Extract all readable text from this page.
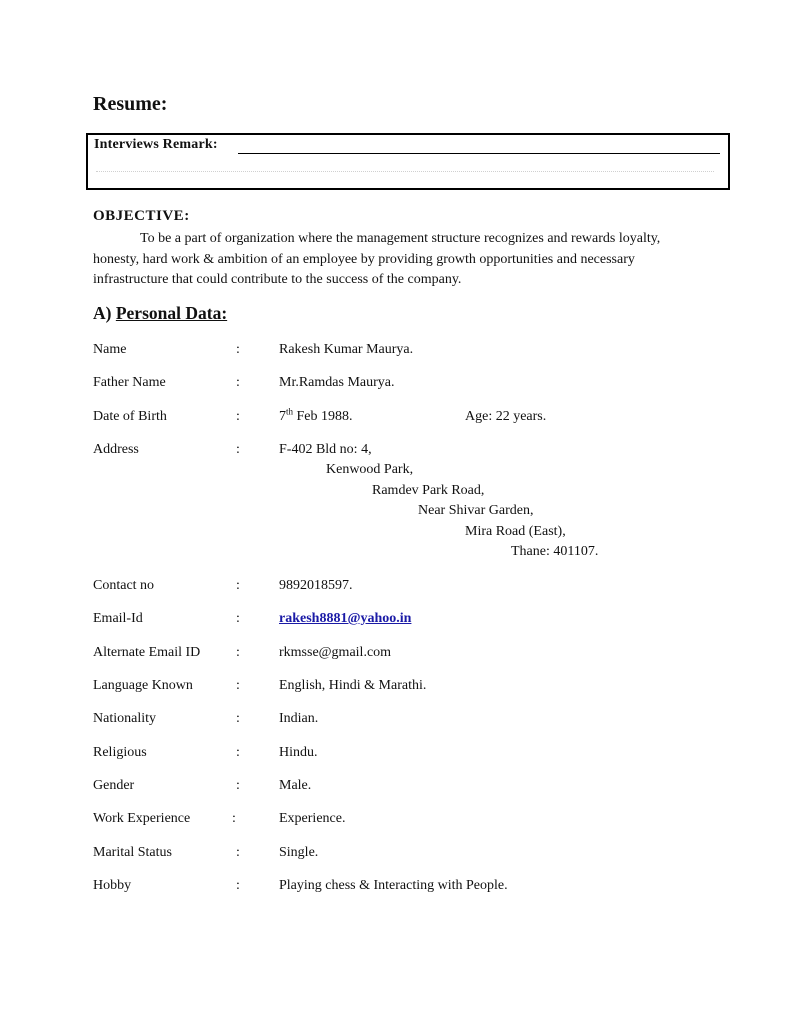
Resume:
Interviews Remark:
OBJECTIVE:
To be a part of organization where the management structure recognizes and rewards loyalty, honesty, hard work & ambition of an employee by providing growth opportunities and necessary infrastructure that could contribute to the success of the company.
A) Personal Data:
Name	:	Rakesh Kumar Maurya.
Father Name	:	Mr.Ramdas Maurya.
Date of Birth	:	7th Feb 1988.	Age: 22 years.
Address	:	F-402 Bld no: 4,
Kenwood Park,
Ramdev Park Road,
Near Shivar Garden,
Mira Road (East),
Thane: 401107.
Contact no	:	9892018597.
Email-Id	:	rakesh8881@yahoo.in
Alternate Email ID	:	rkmsse@gmail.com
Language Known	:	English, Hindi & Marathi.
Nationality	:	Indian.
Religious	:	Hindu.
Gender	:	Male.
Work Experience	:	Experience.
Marital Status	:	Single.
Hobby	:	Playing chess & Interacting with People.
